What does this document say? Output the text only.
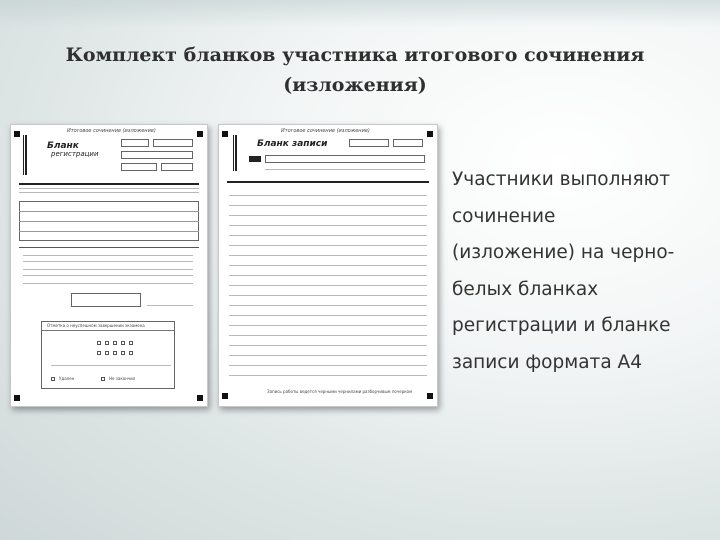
Комплект бланков участника итогового сочинения
(изложения)
Итоговое сочинение (изложение)
Бланк
регистрации
Отметка о неуспешном завершении экзамена
Удален	Не закончил
Итоговое сочинение (изложение)
Бланк записи
Запись работы ведется черными чернилами разборчивым почерком
Участники выполняют
сочинение
(изложение) на черно-
белых бланках
регистрации и бланке
записи формата А4
